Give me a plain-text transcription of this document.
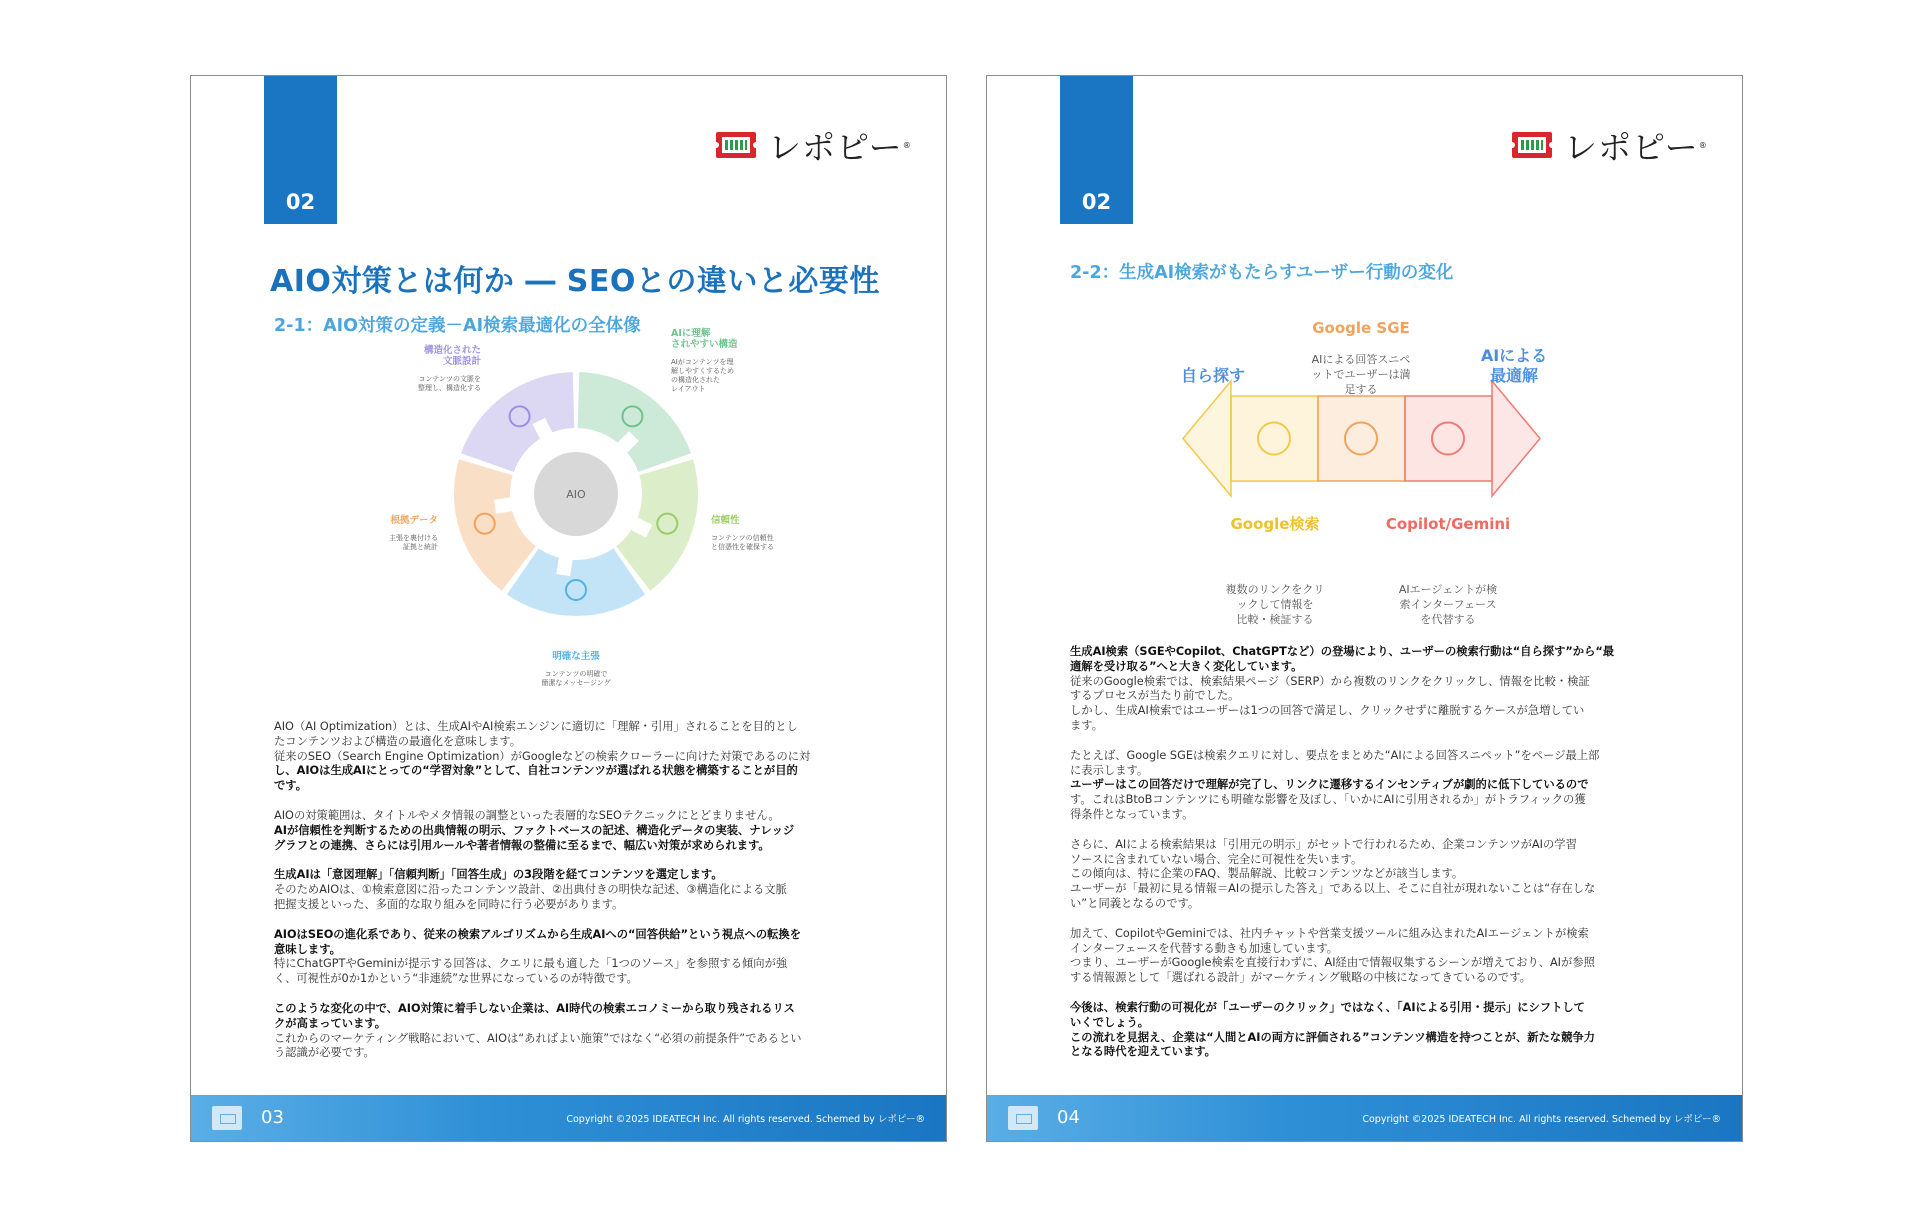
02
レポピー ®
AIO対策とは何か ― SEOとの違いと必要性
2-1：AIO対策の定義－AI検索最適化の全体像
AIO
AIに理解されやすい構造
AIがコンテンツを理解しやすくするための構造化されたレイアウト
信頼性
コンテンツの信頼性と信憑性を確保する
明確な主張
コンテンツの明確で簡潔なメッセージング
根拠データ
主張を裏付ける証拠と統計
構造化された文脈設計
コンテンツの文脈を整理し、構造化する

AIO（AI Optimization）とは、生成AIやAI検索エンジンに適切に「理解・引用」されることを目的とし
たコンテンツおよび構造の最適化を意味します。
従来のSEO（Search Engine Optimization）がGoogleなどの検索クローラーに向けた対策であるのに対
し、AIOは生成AIにとっての“学習対象”として、自社コンテンツが選ばれる状態を構築することが目的
です。

AIOの対策範囲は、タイトルやメタ情報の調整といった表層的なSEOテクニックにとどまりません。
AIが信頼性を判断するための出典情報の明示、ファクトベースの記述、構造化データの実装、ナレッジ
グラフとの連携、さらには引用ルールや著者情報の整備に至るまで、幅広い対策が求められます。

生成AIは「意図理解」「信頼判断」「回答生成」の3段階を経てコンテンツを選定します。
そのためAIOは、①検索意図に沿ったコンテンツ設計、②出典付きの明快な記述、③構造化による文脈
把握支援といった、多面的な取り組みを同時に行う必要があります。

AIOはSEOの進化系であり、従来の検索アルゴリズムから生成AIへの“回答供給”という視点への転換を
意味します。
特にChatGPTやGeminiが提示する回答は、クエリに最も適した「1つのソース」を参照する傾向が強
く、可視性が0か1かという“非連続”な世界になっているのが特徴です。

このような変化の中で、AIO対策に着手しない企業は、AI時代の検索エコノミーから取り残されるリス
クが高まっています。
これからのマーケティング戦略において、AIOは“あればよい施策”ではなく“必須の前提条件”であるとい
う認識が必要です。

03	Copyright ©2025 IDEATECH Inc. All rights reserved. Schemed by レポピー®
02
レポピー ®
2-2：生成AI検索がもたらすユーザー行動の変化
自ら探す
AIによる最適解
Google検索
複数のリンクをクリックして情報を比較・検証する
Google SGE
AIによる回答スニペットでユーザーは満足する
Copilot/Gemini
AIエージェントが検索インターフェースを代替する

生成AI検索（SGEやCopilot、ChatGPTなど）の登場により、ユーザーの検索行動は“自ら探す”から“最
適解を受け取る”へと大きく変化しています。
従来のGoogle検索では、検索結果ページ（SERP）から複数のリンクをクリックし、情報を比較・検証
するプロセスが当たり前でした。
しかし、生成AI検索ではユーザーは1つの回答で満足し、クリックせずに離脱するケースが急増してい
ます。

たとえば、Google SGEは検索クエリに対し、要点をまとめた“AIによる回答スニペット”をページ最上部
に表示します。
ユーザーはこの回答だけで理解が完了し、リンクに遷移するインセンティブが劇的に低下しているので
す。これはBtoBコンテンツにも明確な影響を及ぼし、「いかにAIに引用されるか」がトラフィックの獲
得条件となっています。

さらに、AIによる検索結果は「引用元の明示」がセットで行われるため、企業コンテンツがAIの学習
ソースに含まれていない場合、完全に可視性を失います。
この傾向は、特に企業のFAQ、製品解説、比較コンテンツなどが該当します。
ユーザーが「最初に見る情報＝AIの提示した答え」である以上、そこに自社が現れないことは“存在しな
い”と同義となるのです。

加えて、CopilotやGeminiでは、社内チャットや営業支援ツールに組み込まれたAIエージェントが検索
インターフェースを代替する動きも加速しています。
つまり、ユーザーがGoogle検索を直接行わずに、AI経由で情報収集するシーンが増えており、AIが参照
する情報源として「選ばれる設計」がマーケティング戦略の中核になってきているのです。

今後は、検索行動の可視化が「ユーザーのクリック」ではなく、「AIによる引用・提示」にシフトして
いくでしょう。
この流れを見据え、企業は“人間とAIの両方に評価される”コンテンツ構造を持つことが、新たな競争力
となる時代を迎えています。

04	Copyright ©2025 IDEATECH Inc. All rights reserved. Schemed by レポピー®
